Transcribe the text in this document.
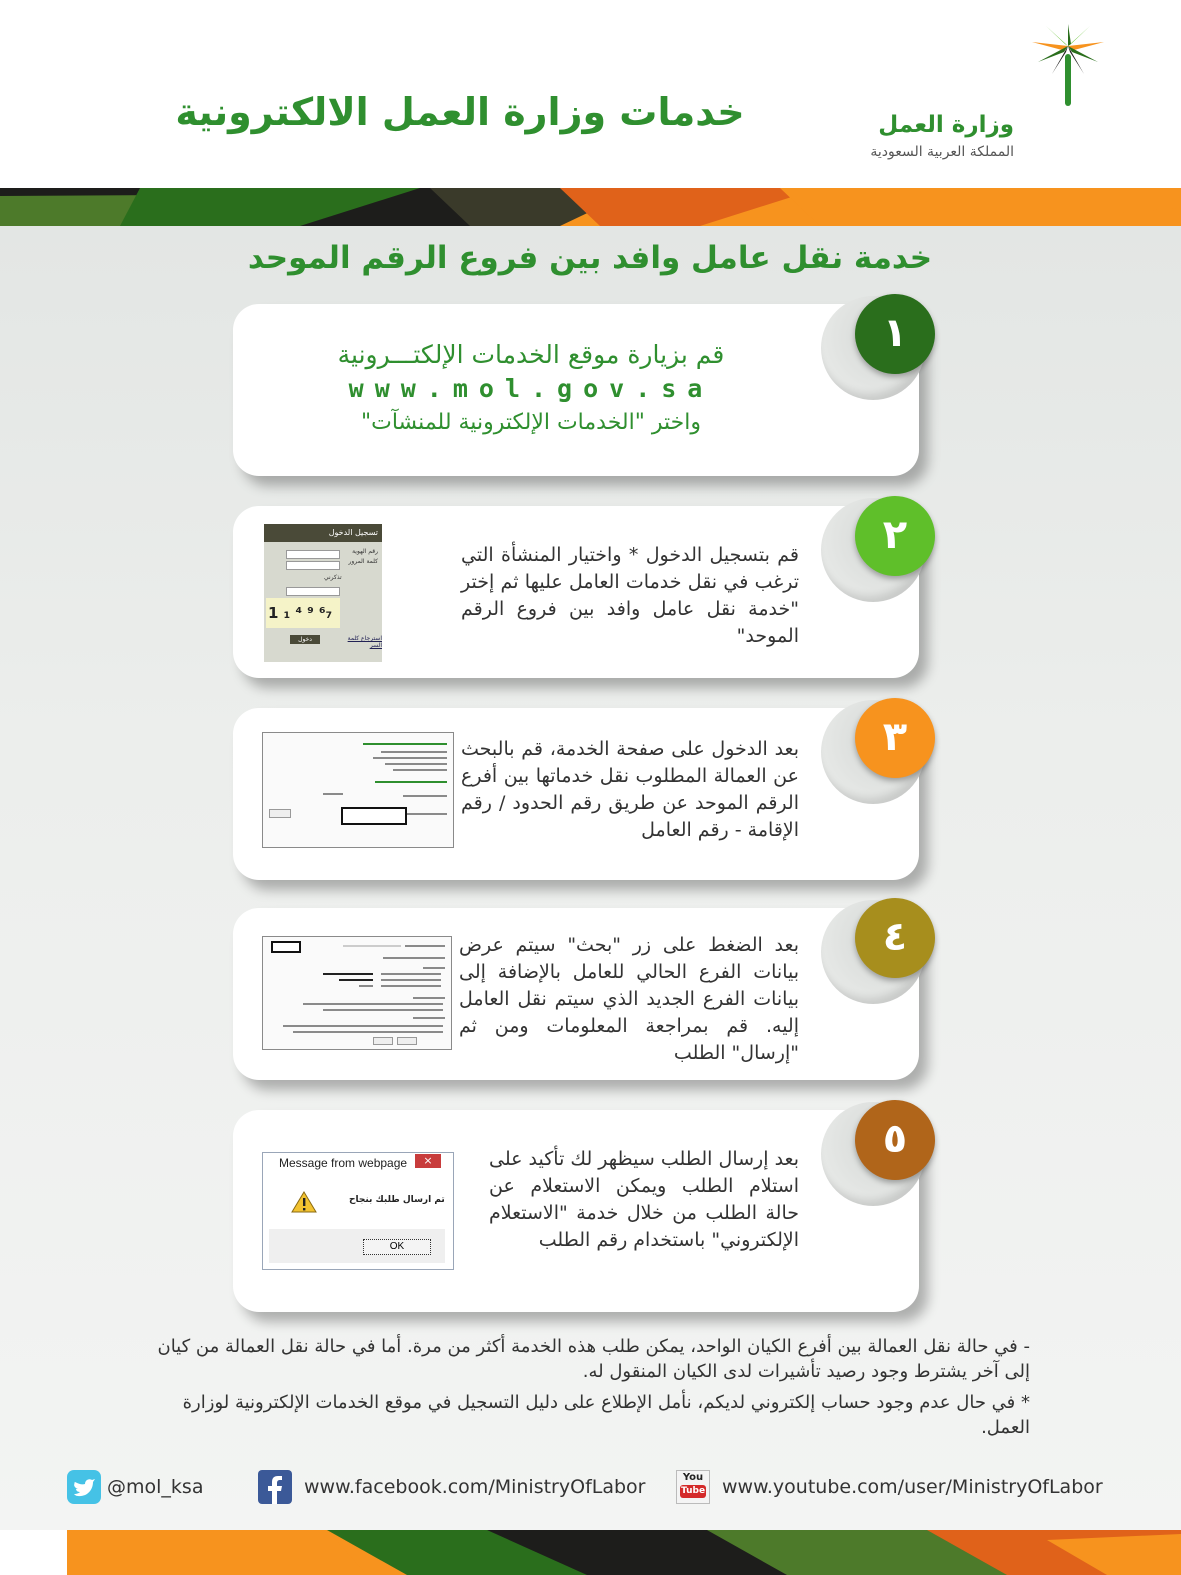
خدمات وزارة العمل الالكترونية	وزارة العمل
المملكة العربية السعودية
خدمة نقل عامل وافد بين فروع الرقم الموحد
١
قم بزيارة موقع الخدمات الإلكتـــرونية
www.mol.gov.sa
واختر "الخدمات الإلكترونية للمنشآت"
٢

قم بتسجيل الدخول * واختيار المنشأة التي ترغب في نقل خدمات العامل عليها ثم إختر "خدمة نقل عامل وافد بين فروع الرقم الموحد"

تسجيل الدخول
رقم الهوية
كلمة المرور
تذكرني
1 ₁ ⁴ ⁹ ⁶₇
دخول	استرجاع كلمة السر
٣

بعد الدخول على صفحة الخدمة، قم بالبحث عن العمالة المطلوب نقل خدماتها بين أفرع الرقم الموحد عن طريق رقم الحدود / رقم الإقامة - رقم العامل

٤

بعد الضغط على زر "بحث" سيتم عرض بيانات الفرع الحالي للعامل بالإضافة إلى بيانات الفرع الجديد الذي سيتم نقل العامل إليه. قم بمراجعة المعلومات ومن ثم "إرسال" الطلب

٥

بعد إرسال الطلب سيظهر لك تأكيد على استلام الطلب ويمكن الاستعلام عن حالة الطلب من خلال خدمة "الاستعلام الإلكتروني" باستخدام رقم الطلب

Message from webpage	×
تم ارسال طلبك بنجاح
OK

- في حالة نقل العمالة بين أفرع الكيان الواحد، يمكن طلب هذه الخدمة أكثر من مرة. أما في حالة نقل العمالة من كيان إلى آخر يشترط وجود رصيد تأشيرات لدى الكيان المنقول له.

* في حال عدم وجود حساب إلكتروني لديكم، نأمل الإطلاع على دليل التسجيل في موقع الخدمات الإلكترونية لوزارة العمل.

@mol_ksa	www.facebook.com/MinistryOfLabor	You
Tube www.youtube.com/user/MinistryOfLabor
